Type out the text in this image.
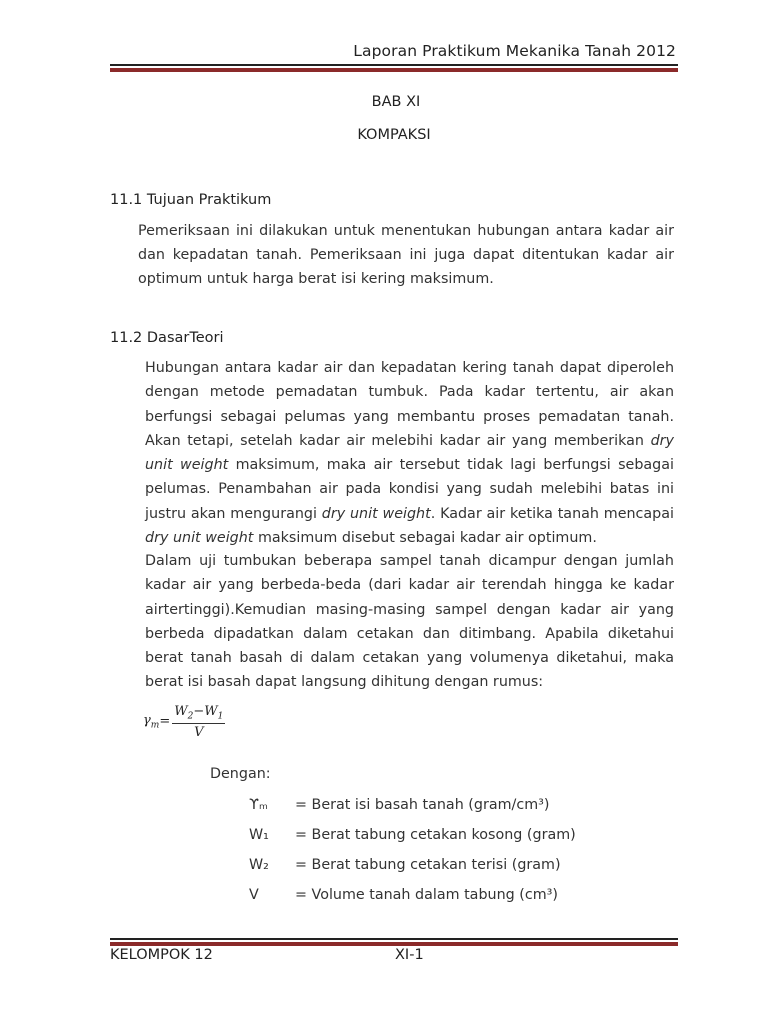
Laporan Praktikum Mekanika Tanah 2012
BAB XI
KOMPAKSI
11.1 Tujuan Praktikum

Pemeriksaan ini dilakukan untuk menentukan hubungan antara kadar air dan kepadatan tanah. Pemeriksaan ini juga dapat ditentukan kadar air optimum untuk harga berat isi kering maksimum.

11.2 DasarTeori

Hubungan antara kadar air dan kepadatan kering tanah dapat diperoleh dengan metode pemadatan tumbuk. Pada kadar tertentu, air akan berfungsi sebagai pelumas yang membantu proses pemadatan tanah. Akan tetapi, setelah kadar air melebihi kadar air yang memberikan dry unit weight maksimum, maka air tersebut tidak lagi berfungsi sebagai pelumas. Penambahan air pada kondisi yang sudah melebihi batas ini justru akan mengurangi dry unit weight. Kadar air ketika tanah mencapai dry unit weight maksimum disebut sebagai kadar air optimum.

Dalam uji tumbukan beberapa sampel tanah dicampur dengan jumlah kadar air yang berbeda-beda (dari kadar air terendah hingga ke kadar airtertinggi).Kemudian masing-masing sampel dengan kadar air yang berbeda dipadatkan dalam cetakan dan ditimbang. Apabila diketahui berat tanah basah di dalam cetakan yang volumenya diketahui, maka berat isi basah dapat langsung dihitung dengan rumus:

$\gamma_m = \frac{W_2-W_1}{V}$
Dengan:
ϒₘ = Berat isi basah tanah (gram/cm³)
W₁ = Berat tabung cetakan kosong (gram)
W₂ = Berat tabung cetakan terisi (gram)
V	= Volume tanah dalam tabung (cm³)
KELOMPOK 12	XI-1
